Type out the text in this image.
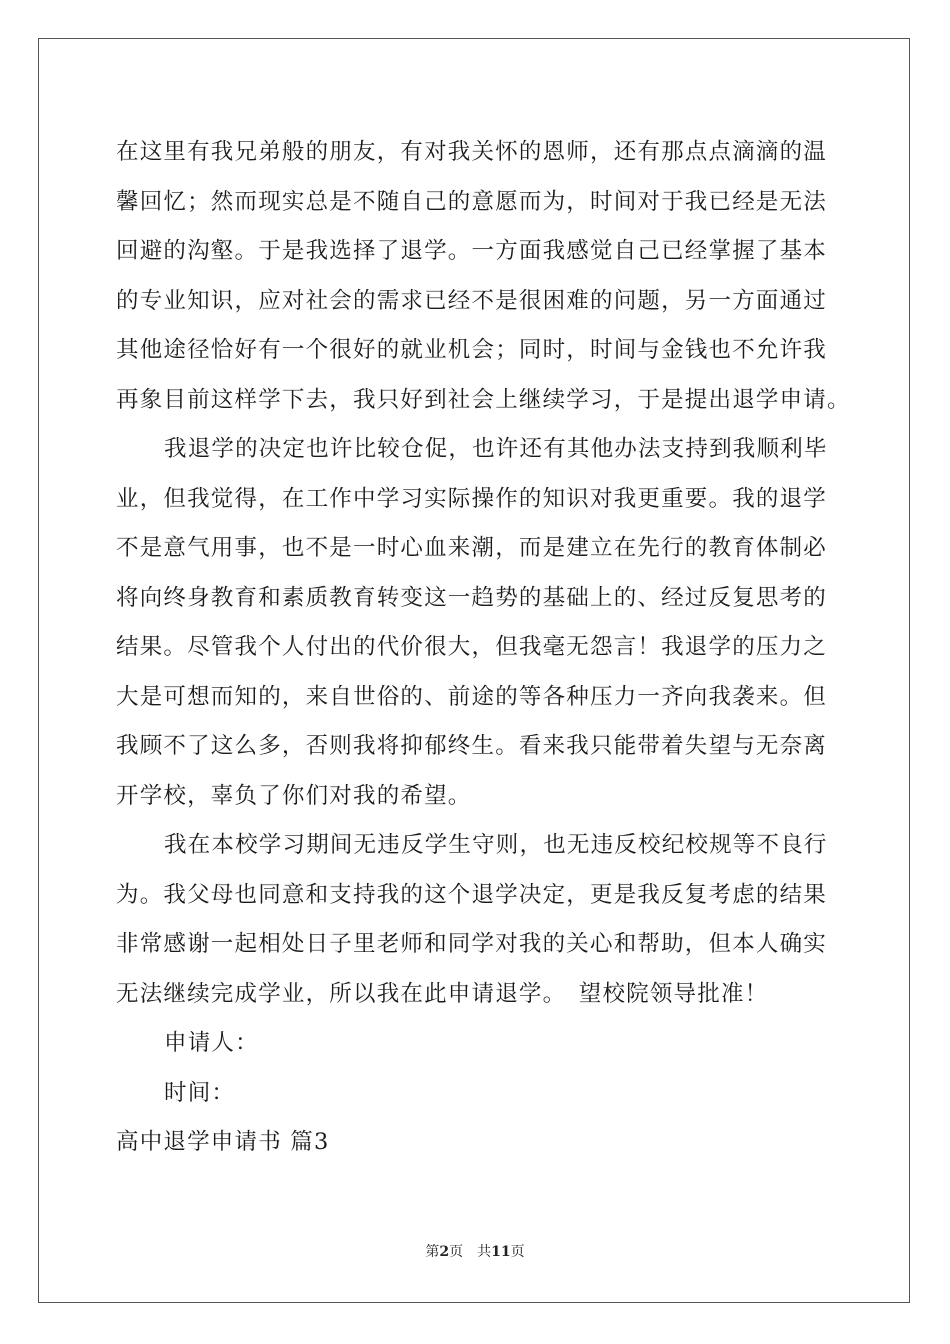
在这里有我兄弟般的朋友，有对我关怀的恩师，还有那点点滴滴的温
馨回忆；然而现实总是不随自己的意愿而为，时间对于我已经是无法
回避的沟壑。于是我选择了退学。一方面我感觉自己已经掌握了基本
的专业知识，应对社会的需求已经不是很困难的问题，另一方面通过
其他途径恰好有一个很好的就业机会；同时，时间与金钱也不允许我
再象目前这样学下去，我只好到社会上继续学习，于是提出退学申请。
我退学的决定也许比较仓促，也许还有其他办法支持到我顺利毕
业，但我觉得，在工作中学习实际操作的知识对我更重要。我的退学
不是意气用事，也不是一时心血来潮，而是建立在先行的教育体制必
将向终身教育和素质教育转变这一趋势的基础上的、经过反复思考的
结果。尽管我个人付出的代价很大，但我毫无怨言！我退学的压力之
大是可想而知的，来自世俗的、前途的等各种压力一齐向我袭来。但
我顾不了这么多，否则我将抑郁终生。看来我只能带着失望与无奈离
开学校，辜负了你们对我的希望。
我在本校学习期间无违反学生守则，也无违反校纪校规等不良行
为。我父母也同意和支持我的这个退学决定，更是我反复考虑的结果
非常感谢一起相处日子里老师和同学对我的关心和帮助，但本人确实
无法继续完成学业，所以我在此申请退学。　望校院领导批准！
申请人：
时间：
高中退学申请书 篇3
第2页 共11页
